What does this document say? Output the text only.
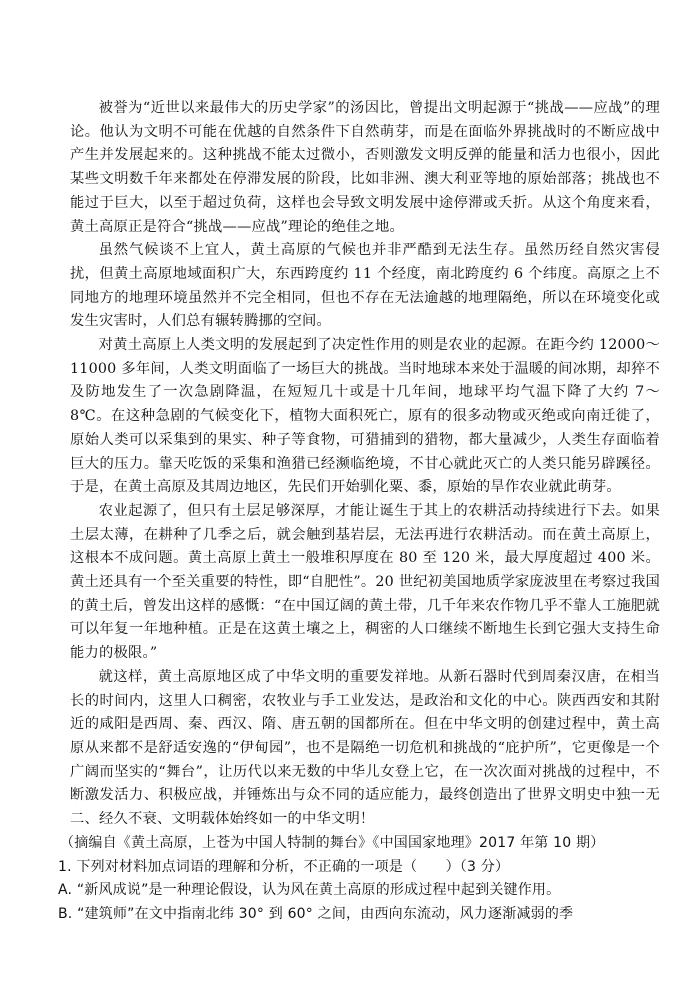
被誉为“近世以来最伟大的历史学家”的汤因比，曾提出文明起源于“挑战——应战”的理论。他认为文明不可能在优越的自然条件下自然萌芽，而是在面临外界挑战时的不断应战中产生并发展起来的。这种挑战不能太过微小，否则激发文明反弹的能量和活力也很小，因此某些文明数千年来都处在停滞发展的阶段，比如非洲、澳大利亚等地的原始部落；挑战也不能过于巨大，以至于超过负荷，这样也会导致文明发展中途停滞或夭折。从这个角度来看，黄土高原正是符合“挑战——应战”理论的绝佳之地。

虽然气候谈不上宜人，黄土高原的气候也并非严酷到无法生存。虽然历经自然灾害侵扰，但黄土高原地域面积广大，东西跨度约 11 个经度，南北跨度约 6 个纬度。高原之上不同地方的地理环境虽然并不完全相同，但也不存在无法逾越的地理隔绝，所以在环境变化或发生灾害时，人们总有辗转腾挪的空间。

对黄土高原上人类文明的发展起到了决定性作用的则是农业的起源。在距今约 12000～11000 多年间，人类文明面临了一场巨大的挑战。当时地球本来处于温暖的间冰期，却猝不及防地发生了一次急剧降温，在短短几十或是十几年间，地球平均气温下降了大约 7～8℃。在这种急剧的气候变化下，植物大面积死亡，原有的很多动物或灭绝或向南迁徙了，原始人类可以采集到的果实、种子等食物，可猎捕到的猎物，都大量减少，人类生存面临着巨大的压力。靠天吃饭的采集和渔猎已经濒临绝境，不甘心就此灭亡的人类只能另辟蹊径。于是，在黄土高原及其周边地区，先民们开始驯化粟、黍，原始的旱作农业就此萌芽。

农业起源了，但只有土层足够深厚，才能让诞生于其上的农耕活动持续进行下去。如果土层太薄，在耕种了几季之后，就会触到基岩层，无法再进行农耕活动。而在黄土高原上，这根本不成问题。黄土高原上黄土一般堆积厚度在 80 至 120 米，最大厚度超过 400 米。黄土还具有一个至关重要的特性，即“自肥性”。20 世纪初美国地质学家庞波里在考察过我国的黄土后，曾发出这样的感慨：“在中国辽阔的黄土带，几千年来农作物几乎不靠人工施肥就可以年复一年地种植。正是在这黄土壤之上，稠密的人口继续不断地生长到它强大支持生命能力的极限。”

就这样，黄土高原地区成了中华文明的重要发祥地。从新石器时代到周秦汉唐，在相当长的时间内，这里人口稠密，农牧业与手工业发达，是政治和文化的中心。陕西西安和其附近的咸阳是西周、秦、西汉、隋、唐五朝的国都所在。但在中华文明的创建过程中，黄土高原从来都不是舒适安逸的“伊甸园”，也不是隔绝一切危机和挑战的“庇护所”，它更像是一个广阔而坚实的“舞台”，让历代以来无数的中华儿女登上它，在一次次面对挑战的过程中，不断激发活力、积极应战，并锤炼出与众不同的适应能力，最终创造出了世界文明史中独一无二、经久不衰、文明载体始终如一的中华文明！

（摘编自《黄土高原，上苍为中国人特制的舞台》《中国国家地理》2017 年第 10 期）

1. 下列对材料加点词语的理解和分析，不正确的一项是（　　）（3 分）

A. “新风成说”是一种理论假设，认为风在黄土高原的形成过程中起到关键作用。

B. “建筑师”在文中指南北纬 30° 到 60° 之间，由西向东流动，风力逐渐减弱的季
